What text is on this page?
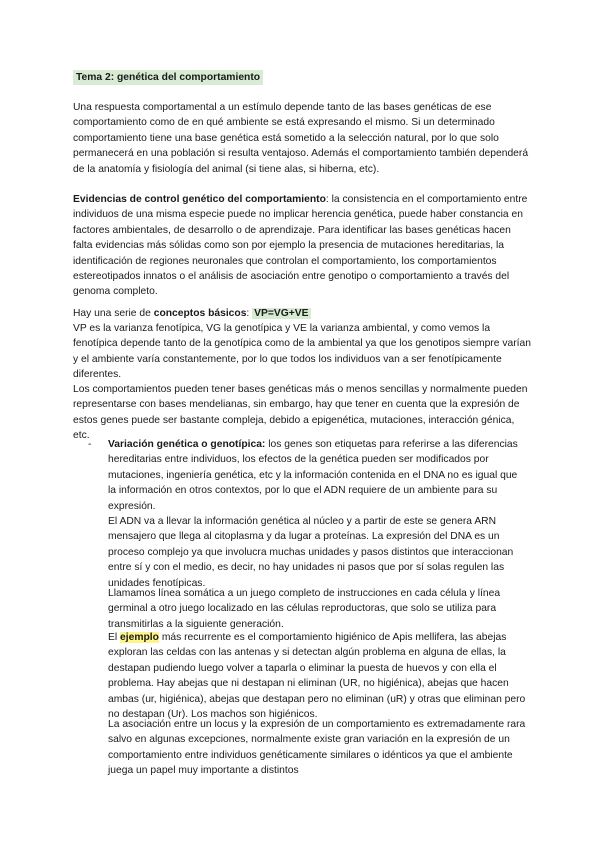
Tema 2: genética del comportamiento

Una respuesta comportamental a un estímulo depende tanto de las bases genéticas de ese comportamiento como de en qué ambiente se está expresando el mismo. Si un determinado comportamiento tiene una base genética está sometido a la selección natural, por lo que solo permanecerá en una población si resulta ventajoso. Además el comportamiento también dependerá de la anatomía y fisiología del animal (si tiene alas, si hiberna, etc).

Evidencias de control genético del comportamiento: la consistencia en el comportamiento entre individuos de una misma especie puede no implicar herencia genética, puede haber constancia en factores ambientales, de desarrollo o de aprendizaje. Para identificar las bases genéticas hacen falta evidencias más sólidas como son por ejemplo la presencia de mutaciones hereditarias, la identificación de regiones neuronales que controlan el comportamiento, los comportamientos estereotipados innatos o el análisis de asociación entre genotipo o comportamiento a través del genoma completo.

Hay una serie de conceptos básicos: VP=VG+VE

VP es la varianza fenotípica, VG la genotípica y VE la varianza ambiental, y como vemos la fenotípica depende tanto de la genotípica como de la ambiental ya que los genotipos siempre varían y el ambiente varía constantemente, por lo que todos los individuos van a ser fenotípicamente diferentes.

Los comportamientos pueden tener bases genéticas más o menos sencillas y normalmente pueden representarse con bases mendelianas, sin embargo, hay que tener en cuenta que la expresión de estos genes puede ser bastante compleja, debido a epigenética, mutaciones, interacción génica, etc.

- Variación genética o genotípica: los genes son etiquetas para referirse a las diferencias hereditarias entre individuos, los efectos de la genética pueden ser modificados por mutaciones, ingeniería genética, etc y la información contenida en el DNA no es igual que la información en otros contextos, por lo que el ADN requiere de un ambiente para su expresión.

El ADN va a llevar la información genética al núcleo y a partir de este se genera ARN mensajero que llega al citoplasma y da lugar a proteínas. La expresión del DNA es un proceso complejo ya que involucra muchas unidades y pasos distintos que interaccionan entre sí y con el medio, es decir, no hay unidades ni pasos que por sí solas regulen las unidades fenotípicas.

Llamamos línea somática a un juego completo de instrucciones en cada célula y línea germinal a otro juego localizado en las células reproductoras, que solo se utiliza para transmitirlas a la siguiente generación.

El ejemplo más recurrente es el comportamiento higiénico de Apis mellifera, las abejas exploran las celdas con las antenas y si detectan algún problema en alguna de ellas, la destapan pudiendo luego volver a taparla o eliminar la puesta de huevos y con ella el problema. Hay abejas que ni destapan ni eliminan (UR, no higiénica), abejas que hacen ambas (ur, higiénica), abejas que destapan pero no eliminan (uR) y otras que eliminan pero no destapan (Ur). Los machos son higiénicos.

La asociación entre un locus y la expresión de un comportamiento es extremadamente rara salvo en algunas excepciones, normalmente existe gran variación en la expresión de un comportamiento entre individuos genéticamente similares o idénticos ya que el ambiente juega un papel muy importante a distintos
